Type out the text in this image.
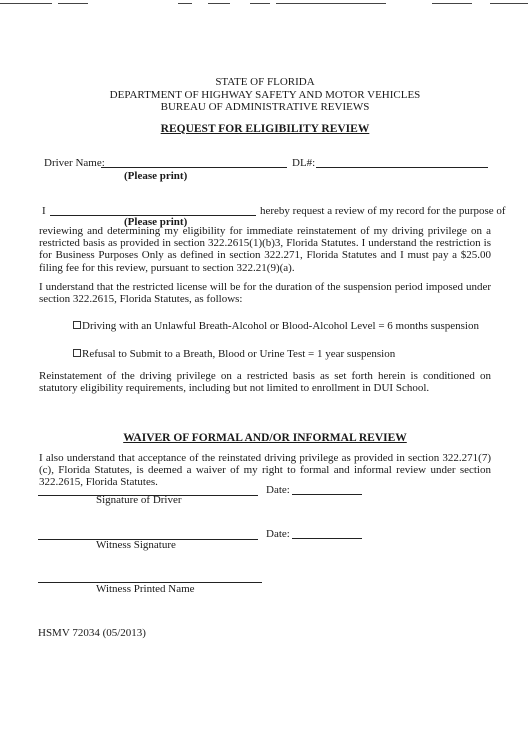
STATE OF FLORIDA
DEPARTMENT OF HIGHWAY SAFETY AND MOTOR VEHICLES
BUREAU OF ADMINISTRATIVE REVIEWS
REQUEST FOR ELIGIBILITY REVIEW
Driver Name:	DL#:
(Please print)
I	hereby request a review of my record for the purpose of
(Please print)
reviewing and determining my eligibility for immediate reinstatement of my driving privilege on a restricted basis as provided in section 322.2615(1)(b)3, Florida Statutes. I understand the restriction is for Business Purposes Only as defined in section 322.271, Florida Statutes and I must pay a $25.00 filing fee for this review, pursuant to section 322.21(9)(a).
I understand that the restricted license will be for the duration of the suspension period imposed under section 322.2615, Florida Statutes, as follows:
Driving with an Unlawful Breath-Alcohol or Blood-Alcohol Level = 6 months suspension
Refusal to Submit to a Breath, Blood or Urine Test = 1 year suspension
Reinstatement of the driving privilege on a restricted basis as set forth herein is conditioned on statutory eligibility requirements, including but not limited to enrollment in DUI School.
WAIVER OF FORMAL AND/OR INFORMAL REVIEW
I also understand that acceptance of the reinstated driving privilege as provided in section 322.271(7)(c), Florida Statutes, is deemed a waiver of my right to formal and informal review under section 322.2615, Florida Statutes.
Date:
Signature of Driver
Date:
Witness Signature
Witness Printed Name
HSMV 72034 (05/2013)
